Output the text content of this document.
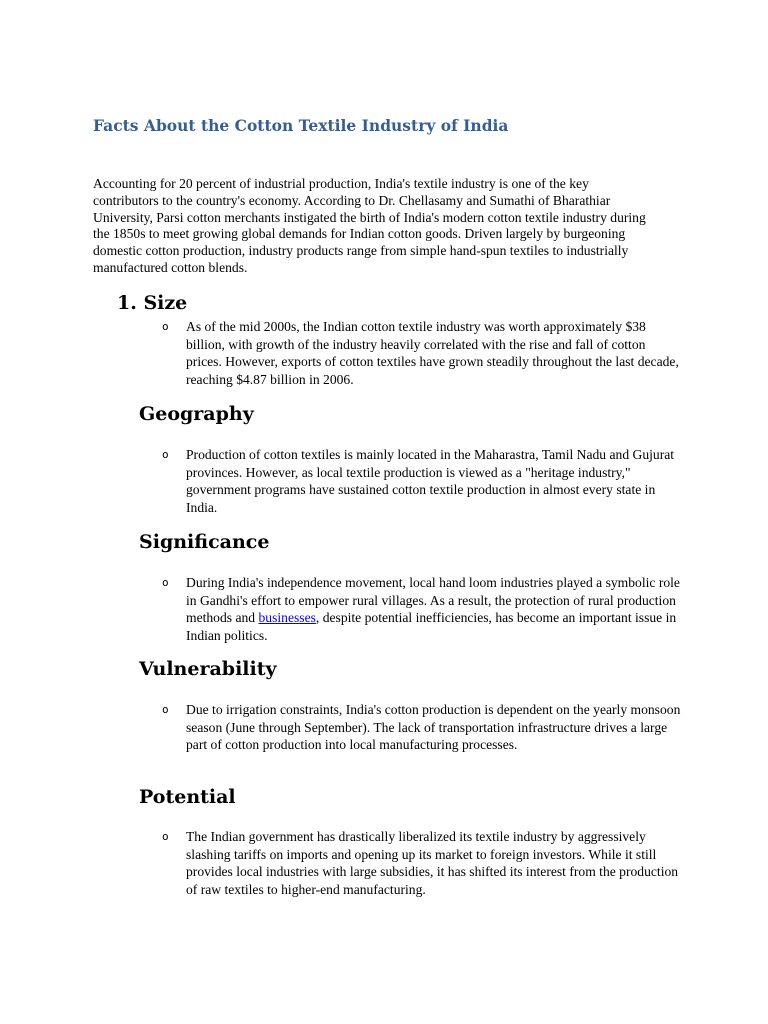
Facts About the Cotton Textile Industry of India

Accounting for 20 percent of industrial production, India's textile industry is one of the key contributors to the country's economy. According to Dr. Chellasamy and Sumathi of Bharathiar University, Parsi cotton merchants instigated the birth of India's modern cotton textile industry during the 1850s to meet growing global demands for Indian cotton goods. Driven largely by burgeoning domestic cotton production, industry products range from simple hand-spun textiles to industrially manufactured cotton blends.

1. Size
o	As of the mid 2000s, the Indian cotton textile industry was worth approximately $38 billion, with growth of the industry heavily correlated with the rise and fall of cotton prices. However, exports of cotton textiles have grown steadily throughout the last decade, reaching $4.87 billion in 2006.

Geography
o	Production of cotton textiles is mainly located in the Maharastra, Tamil Nadu and Gujurat provinces. However, as local textile production is viewed as a "heritage industry," government programs have sustained cotton textile production in almost every state in India.

Significance
o	During India's independence movement, local hand loom industries played a symbolic role in Gandhi's effort to empower rural villages. As a result, the protection of rural production methods and businesses, despite potential inefficiencies, has become an important issue in Indian politics.

Vulnerability
o	Due to irrigation constraints, India's cotton production is dependent on the yearly monsoon season (June through September). The lack of transportation infrastructure drives a large part of cotton production into local manufacturing processes.

Potential
o	The Indian government has drastically liberalized its textile industry by aggressively slashing tariffs on imports and opening up its market to foreign investors. While it still provides local industries with large subsidies, it has shifted its interest from the production of raw textiles to higher-end manufacturing.
